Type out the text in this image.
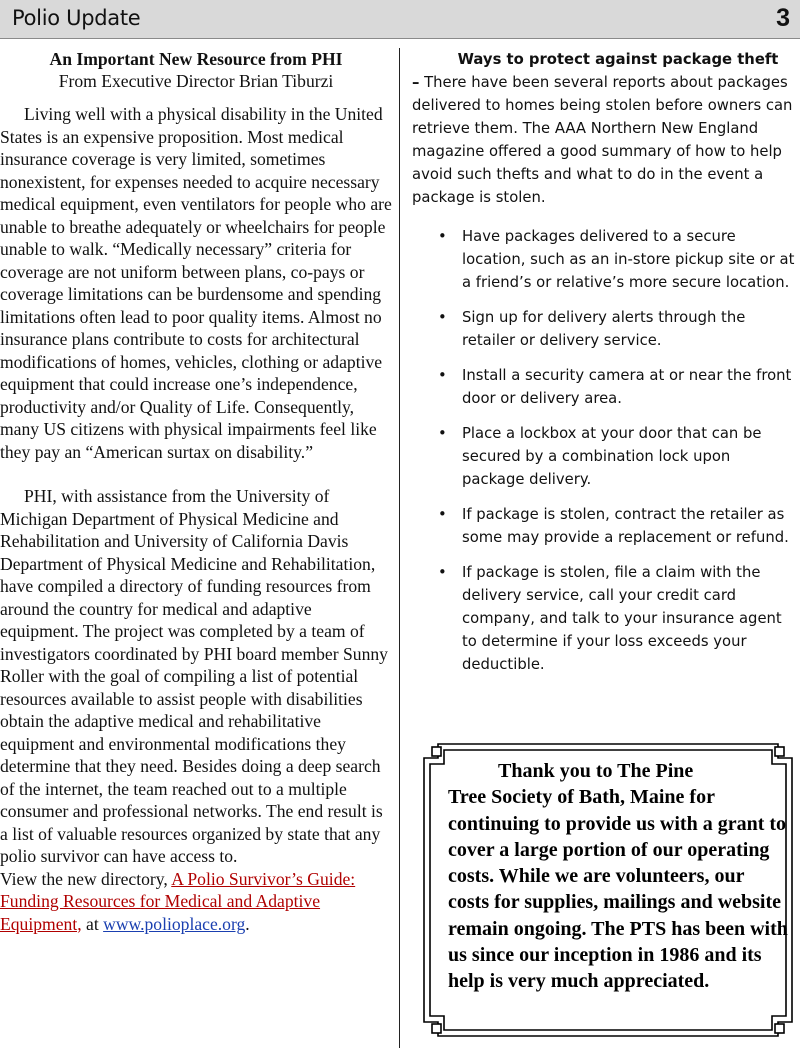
Polio Update	3
An Important New Resource from PHI
From Executive Director Brian Tiburzi

Living well with a physical disability in the United States is an expensive proposition. Most medical insurance coverage is very limited, sometimes nonexistent, for expenses needed to acquire necessary medical equipment, even ventilators for people who are unable to breathe adequately or wheelchairs for people unable to walk. “Medically necessary” criteria for coverage are not uniform between plans, co-pays or coverage limitations can be burdensome and spending limitations often lead to poor quality items. Almost no insurance plans contribute to costs for architectural modifications of homes, vehicles, clothing or adaptive equipment that could increase one’s independence, productivity and/or Quality of Life. Consequently, many US citizens with physical impairments feel like they pay an “American surtax on disability.”

PHI, with assistance from the University of Michigan Department of Physical Medicine and Rehabilitation and University of California Davis Department of Physical Medicine and Rehabilitation, have compiled a directory of funding resources from around the country for medical and adaptive equipment. The project was completed by a team of investigators coordinated by PHI board member Sunny Roller with the goal of compiling a list of potential resources available to assist people with disabilities obtain the adaptive medical and rehabilitative equipment and environmental modifications they determine that they need. Besides doing a deep search of the internet, the team reached out to a multiple consumer and professional networks. The end result is a list of valuable resources organized by state that any polio survivor can have access to.

View the new directory, A Polio Survivor’s Guide: Funding Resources for Medical and Adaptive Equipment, at www.polioplace.org.

Ways to protect against package theft
– There have been several reports about packages delivered to homes being stolen before owners can retrieve them. The AAA Northern New England magazine offered a good summary of how to help avoid such thefts and what to do in the event a package is stolen.
• Have packages delivered to a secure location, such as an in-store pickup site or at a friend’s or relative’s more secure location.
• Sign up for delivery alerts through the retailer or delivery service.
• Install a security camera at or near the front door or delivery area.
• Place a lockbox at your door that can be secured by a combination lock upon package delivery.
• If package is stolen, contract the retailer as some may provide a replacement or refund.
• If package is stolen, file a claim with the delivery service, call your credit card company, and talk to your insurance agent to determine if your loss exceeds your deductible.
Thank you to The Pine
Tree Society of Bath, Maine for continuing to provide us with a grant to cover a large portion of our operating costs. While we are volunteers, our costs for supplies, mailings and website remain ongoing. The PTS has been with us since our inception in 1986 and its help is very much appreciated.
